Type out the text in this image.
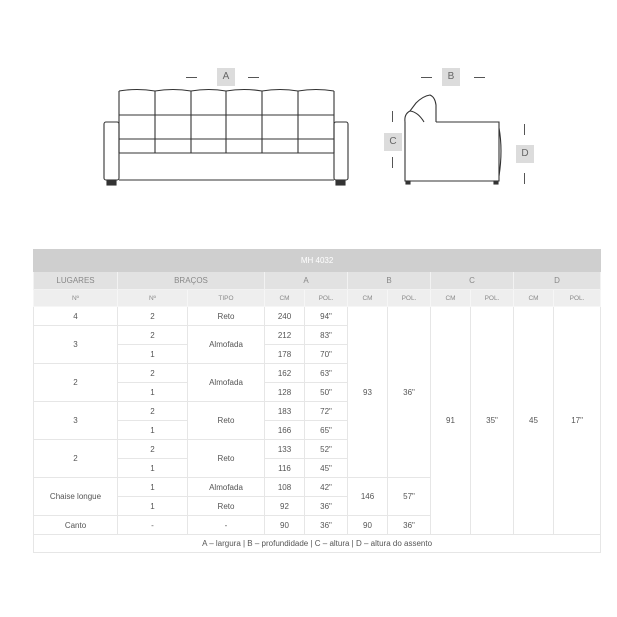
A	B
C
D
MH 4032										
LUGARES	BRAÇOS		A		B		C		D	
Nº	Nº	TIPO	CM	POL.	CM	POL.	CM	POL.	CM	POL.
4	2	Reto	240	94"	93	36"	91	35"	45	17"
3	2	Almofada	212	83"						
	1		178	70"						
2	2	Almofada	162	63"						
	1		128	50"						
3	2	Reto	183	72"						
	1		166	65"						
2	2	Reto	133	52"						
	1		116	45"						
Chaise longue	1	Almofada	108	42"	146	57"				
	1	Reto	92	36"						
Canto	-	-	90	36"	90	36"				
A – largura | B – profundidade | C – altura | D – altura do assento										
